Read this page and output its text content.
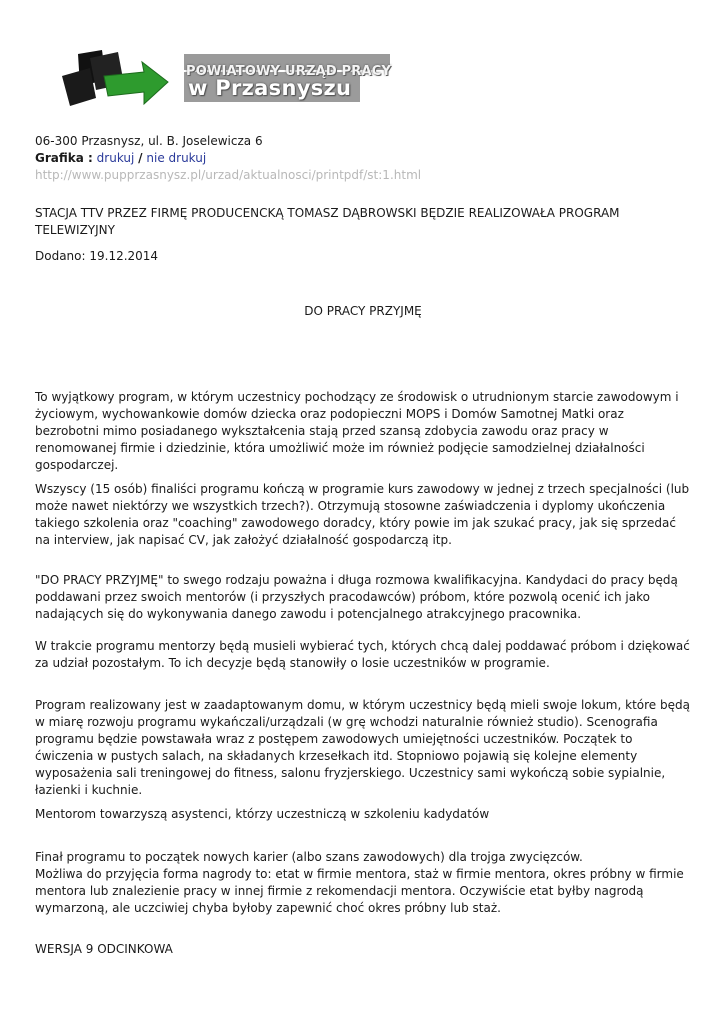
POWIATOWY URZĄD PRACY
w Przasnyszu
06-300 Przasnysz, ul. B. Joselewicza 6
Grafika : drukuj / nie drukuj
http://www.pupprzasnysz.pl/urzad/aktualnosci/printpdf/st:1.html
STACJA TTV PRZEZ FIRMĘ PRODUCENCKĄ TOMASZ DĄBROWSKI BĘDZIE REALIZOWAŁA PROGRAM TELEWIZYJNY
Dodano: 19.12.2014
DO PRACY PRZYJMĘ

To wyjątkowy program, w którym uczestnicy pochodzący ze środowisk o utrudnionym starcie zawodowym i życiowym, wychowankowie domów dziecka oraz podopieczni MOPS i Domów Samotnej Matki oraz bezrobotni mimo posiadanego wykształcenia stają przed szansą zdobycia zawodu oraz pracy w renomowanej firmie i dziedzinie, która umożliwić może im również podjęcie samodzielnej działalności gospodarczej.

Wszyscy (15 osób) finaliści programu kończą w programie kurs zawodowy w jednej z trzech specjalności (lub może nawet niektórzy we wszystkich trzech?). Otrzymują stosowne zaświadczenia i dyplomy ukończenia takiego szkolenia oraz "coaching" zawodowego doradcy, który powie im jak szukać pracy, jak się sprzedać na interview, jak napisać CV, jak założyć działalność gospodarczą itp.

"DO PRACY PRZYJMĘ" to swego rodzaju poważna i długa rozmowa kwalifikacyjna. Kandydaci do pracy będą poddawani przez swoich mentorów (i przyszłych pracodawców) próbom, które pozwolą ocenić ich jako nadających się do wykonywania danego zawodu i potencjalnego atrakcyjnego pracownika.

W trakcie programu mentorzy będą musieli wybierać tych, których chcą dalej poddawać próbom i dziękować za udział pozostałym. To ich decyzje będą stanowiły o losie uczestników w programie.

Program realizowany jest w zaadaptowanym domu, w którym uczestnicy będą mieli swoje lokum, które będą w miarę rozwoju programu wykańczali/urządzali (w grę wchodzi naturalnie również studio). Scenografia programu będzie powstawała wraz z postępem zawodowych umiejętności uczestników. Początek to ćwiczenia w pustych salach, na składanych krzesełkach itd. Stopniowo pojawią się kolejne elementy wyposażenia sali treningowej do fitness, salonu fryzjerskiego. Uczestnicy sami wykończą sobie sypialnie, łazienki i kuchnie.

Mentorom towarzyszą asystenci, którzy uczestniczą w szkoleniu kadydatów

Finał programu to początek nowych karier (albo szans zawodowych) dla trojga zwycięzców.

Możliwa do przyjęcia forma nagrody to: etat w firmie mentora, staż w firmie mentora, okres próbny w firmie mentora lub znalezienie pracy w innej firmie z rekomendacji mentora. Oczywiście etat byłby nagrodą wymarzoną, ale uczciwiej chyba byłoby zapewnić choć okres próbny lub staż.

WERSJA 9 ODCINKOWA
